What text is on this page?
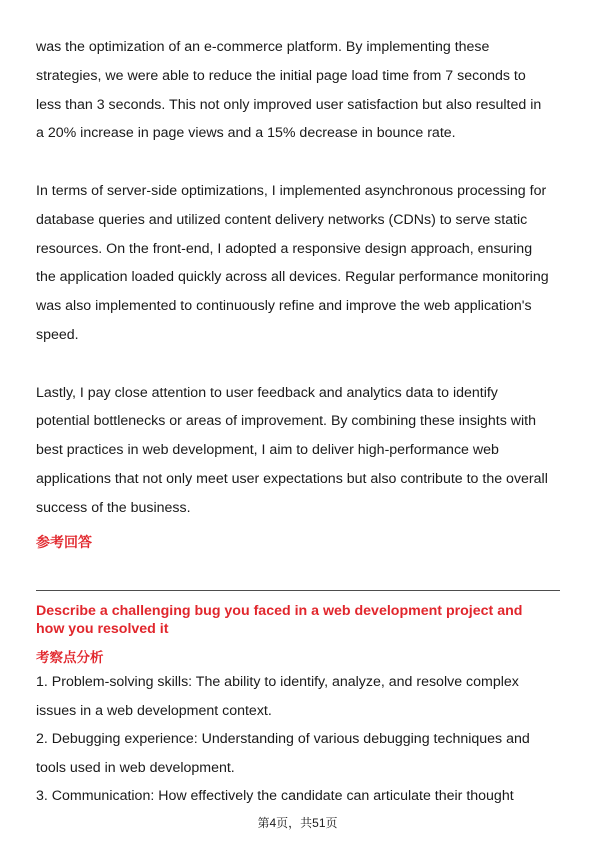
was the optimization of an e-commerce platform. By implementing these
strategies, we were able to reduce the initial page load time from 7 seconds to
less than 3 seconds. This not only improved user satisfaction but also resulted in
a 20% increase in page views and a 15% decrease in bounce rate.

In terms of server-side optimizations, I implemented asynchronous processing for
database queries and utilized content delivery networks (CDNs) to serve static
resources. On the front-end, I adopted a responsive design approach, ensuring
the application loaded quickly across all devices. Regular performance monitoring
was also implemented to continuously refine and improve the web application's
speed.

Lastly, I pay close attention to user feedback and analytics data to identify
potential bottlenecks or areas of improvement. By combining these insights with
best practices in web development, I aim to deliver high-performance web
applications that not only meet user expectations but also contribute to the overall
success of the business.

参考回答

Describe a challenging bug you faced in a web development project and
how you resolved it

考察点分析

1. Problem-solving skills: The ability to identify, analyze, and resolve complex
issues in a web development context.
2. Debugging experience: Understanding of various debugging techniques and
tools used in web development.
3. Communication: How effectively the candidate can articulate their thought
第4页，共51页
